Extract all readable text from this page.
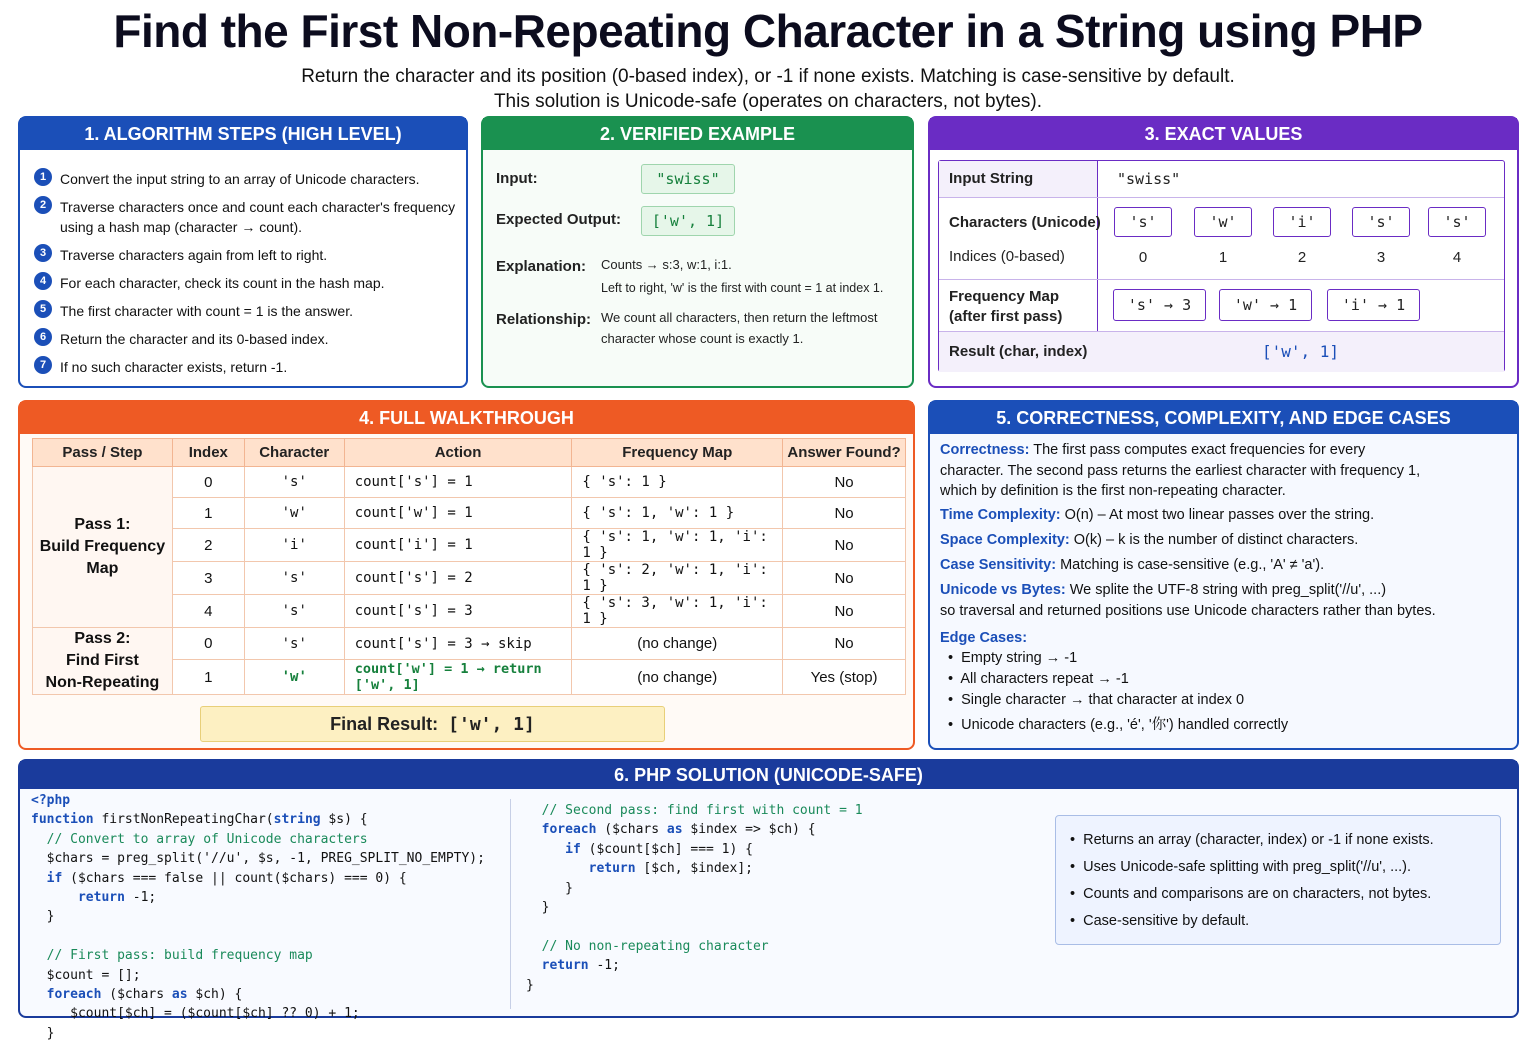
Find the First Non-Repeating Character in a String using PHP
Return the character and its position (0-based index), or -1 if none exists. Matching is case-sensitive by default.
This solution is Unicode-safe (operates on characters, not bytes).
1. ALGORITHM STEPS (HIGH LEVEL)
1 Convert the input string to an array of Unicode characters.
2 Traverse characters once and count each character's frequency using a hash map (character → count).
3 Traverse characters again from left to right.
4 For each character, check its count in the hash map.
5 The first character with count = 1 is the answer.
6 Return the character and its 0-based index.
7 If no such character exists, return -1.
2. VERIFIED EXAMPLE
Input:	"swiss"
Expected Output:	['w', 1]
Explanation: Counts → s:3, w:1, i:1.
Left to right, 'w' is the first with count = 1 at index 1.
Relationship: We count all characters, then return the leftmost
character whose count is exactly 1.
3. EXACT VALUES
Input String	"swiss"
Characters (Unicode)	's'	'w'	'i'	's'	's'
Indices (0-based)	0	1	2	3	4
Frequency Map
(after first pass)
's' → 3	'w' → 1	'i' → 1
Result (char, index)	['w', 1]
4. FULL WALKTHROUGH
Pass / Step	Index	Character	Action	Frequency Map	Answer Found?
Pass 1:
Build Frequency
Map	0	's'	count['s'] = 1	{ 's': 1 }	No
	1	'w'	count['w'] = 1	{ 's': 1, 'w': 1 }	No
	2	'i'	count['i'] = 1	{ 's': 1, 'w': 1, 'i': 1 }	No
	3	's'	count['s'] = 2	{ 's': 2, 'w': 1, 'i': 1 }	No
	4	's'	count['s'] = 3	{ 's': 3, 'w': 1, 'i': 1 }	No
Pass 2:
Find First
Non-Repeating	0	's'	count['s'] = 3 → skip	(no change)	No
	1	'w'	count['w'] = 1 → return ['w', 1]	(no change)	Yes (stop)
Final Result: ['w', 1]
5. CORRECTNESS, COMPLEXITY, AND EDGE CASES
Correctness: The first pass computes exact frequencies for every
character. The second pass returns the earliest character with frequency 1,
which by definition is the first non-repeating character.
Time Complexity: O(n) – At most two linear passes over the string.
Space Complexity: O(k) – k is the number of distinct characters.
Case Sensitivity: Matching is case-sensitive (e.g., 'A' ≠ 'a').
Unicode vs Bytes: We splite the UTF-8 string with preg_split('//u', ...)
so traversal and returned positions use Unicode characters rather than bytes.
Edge Cases:
•  Empty string → -1
•  All characters repeat → -1
•  Single character → that character at index 0
•  Unicode characters (e.g., 'é', '你') handled correctly
6. PHP SOLUTION (UNICODE-SAFE)
<?php
function firstNonRepeatingChar(string $s) {
// Convert to array of Unicode characters
$chars = preg_split('//u', $s, -1, PREG_SPLIT_NO_EMPTY);
if ($chars === false || count($chars) === 0) {
return -1;
}

// First pass: build frequency map
$count = [];
foreach ($chars as $ch) {
$count[$ch] = ($count[$ch] ?? 0) + 1;
}
// Second pass: find first with count = 1
foreach ($chars as $index => $ch) {
if ($count[$ch] === 1) {
return [$ch, $index];
}
}

// No non-repeating character
return -1;
}
•  Returns an array (character, index) or -1 if none exists.
•  Uses Unicode-safe splitting with preg_split('//u', ...).
•  Counts and comparisons are on characters, not bytes.
•  Case-sensitive by default.
